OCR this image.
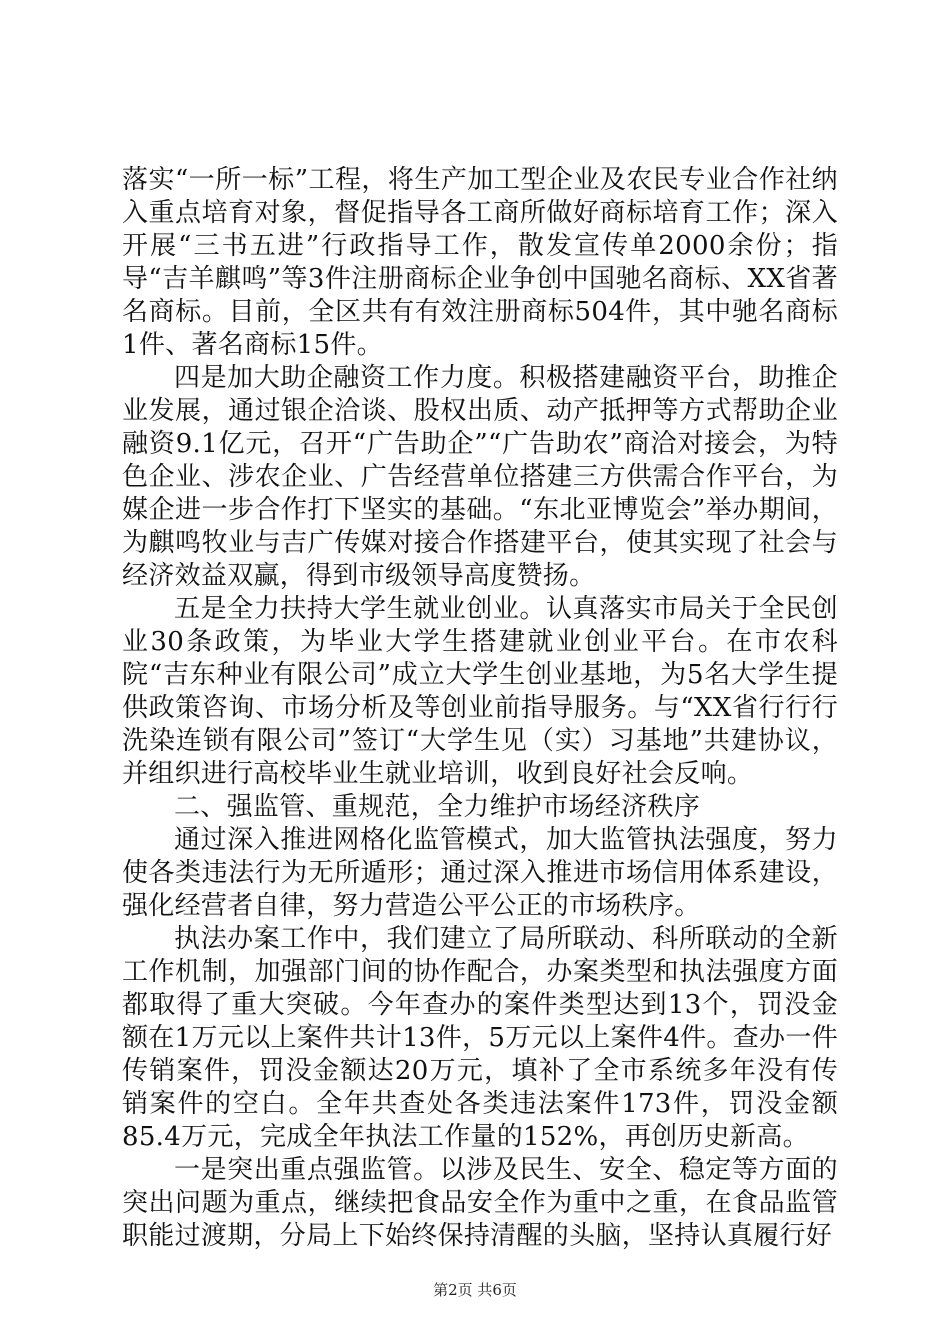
落实“一所一标”工程，将生产加工型企业及农民专业合作社纳入重点培育对象，督促指导各工商所做好商标培育工作；深入开展“三书五进”行政指导工作，散发宣传单2000余份；指导“吉羊麒鸣”等3件注册商标企业争创中国驰名商标、XX省著名商标。目前，全区共有有效注册商标504件，其中驰名商标1件、著名商标15件。

四是加大助企融资工作力度。积极搭建融资平台，助推企业发展，通过银企洽谈、股权出质、动产抵押等方式帮助企业融资9.1亿元，召开“广告助企”“广告助农”商洽对接会，为特色企业、涉农企业、广告经营单位搭建三方供需合作平台，为媒企进一步合作打下坚实的基础。“东北亚博览会”举办期间，为麒鸣牧业与吉广传媒对接合作搭建平台，使其实现了社会与经济效益双赢，得到市级领导高度赞扬。

五是全力扶持大学生就业创业。认真落实市局关于全民创业30条政策，为毕业大学生搭建就业创业平台。在市农科院“吉东种业有限公司”成立大学生创业基地，为5名大学生提供政策咨询、市场分析及等创业前指导服务。与“XX省行行行洗染连锁有限公司”签订“大学生见（实）习基地”共建协议，并组织进行高校毕业生就业培训，收到良好社会反响。

二、强监管、重规范，全力维护市场经济秩序

通过深入推进网格化监管模式，加大监管执法强度，努力使各类违法行为无所遁形；通过深入推进市场信用体系建设，强化经营者自律，努力营造公平公正的市场秩序。

执法办案工作中，我们建立了局所联动、科所联动的全新工作机制，加强部门间的协作配合，办案类型和执法强度方面都取得了重大突破。今年查办的案件类型达到13个，罚没金额在1万元以上案件共计13件，5万元以上案件4件。查办一件传销案件，罚没金额达20万元，填补了全市系统多年没有传销案件的空白。全年共查处各类违法案件173件，罚没金额85.4万元，完成全年执法工作量的152%，再创历史新高。

一是突出重点强监管。以涉及民生、安全、稳定等方面的突出问题为重点，继续把食品安全作为重中之重，在食品监管职能过渡期，分局上下始终保持清醒的头脑，坚持认真履行好

第2页 共6页
